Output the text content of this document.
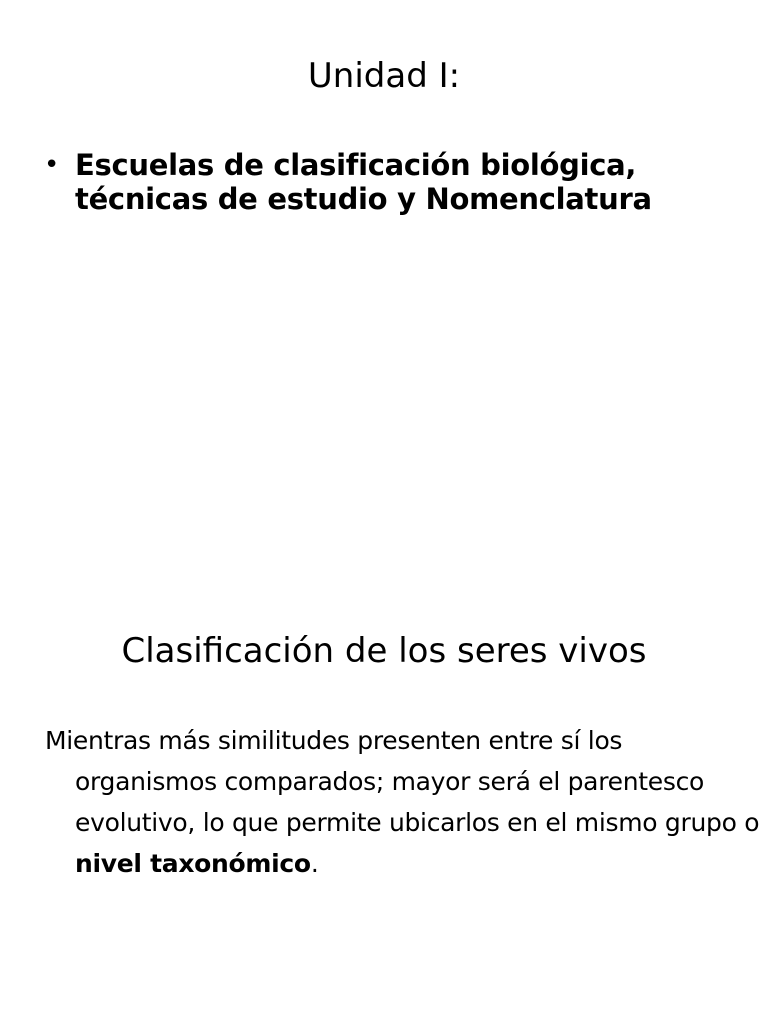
Unidad I:
• Escuelas de clasificación biológica, técnicas de estudio y Nomenclatura
Clasificación de los seres vivos

Mientras más similitudes presenten entre sí los organismos comparados; mayor será el parentesco evolutivo, lo que permite ubicarlos en el mismo grupo o nivel taxonómico.
